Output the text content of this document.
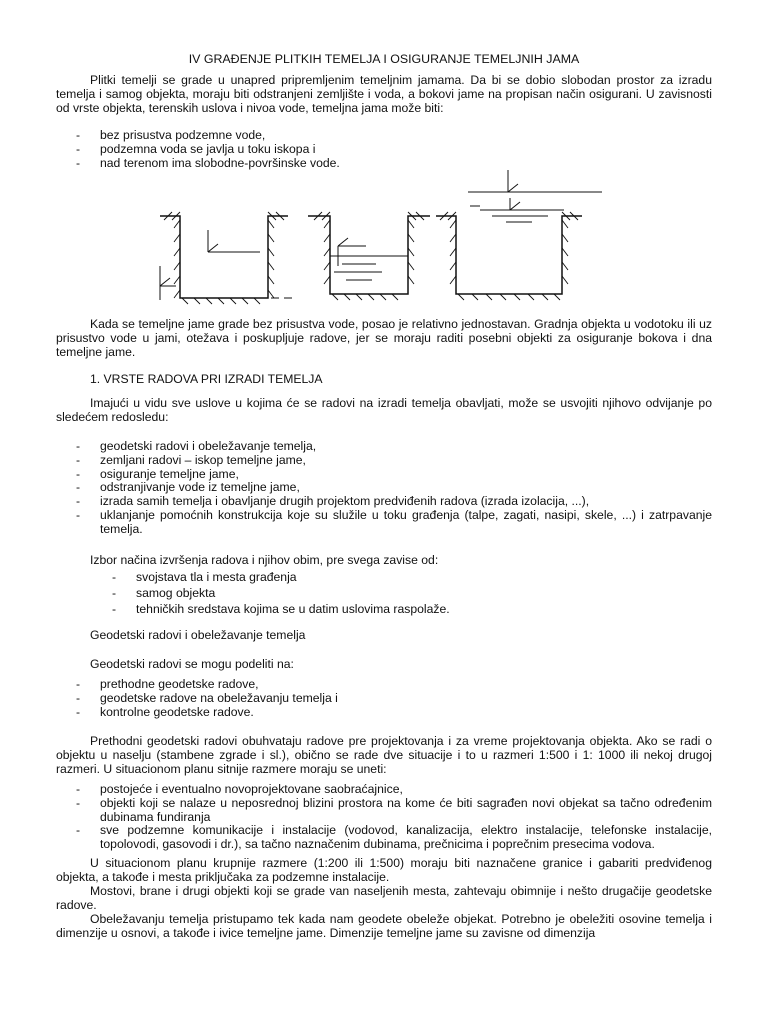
IV GRAĐENJE PLITKIH TEMELJA I OSIGURANJE TEMELJNIH JAMA
Plitki temelji se grade u unapred pripremljenim temeljnim jamama. Da bi se dobio slobodan prostor za izradu temelja i samog objekta, moraju biti odstranjeni zemljište i voda, a bokovi jame na propisan način osigurani. U zavisnosti od vrste objekta, terenskih uslova i nivoa vode, temeljna jama može biti:
- bez prisustva podzemne vode,
- podzemna voda se javlja u toku iskopa i
- nad terenom ima slobodne-površinske vode.
Kada se temeljne jame grade bez prisustva vode, posao je relativno jednostavan. Gradnja objekta u vodotoku ili uz prisustvo vode u jami, otežava i poskupljuje radove, jer se moraju raditi posebni objekti za osiguranje bokova i dna temeljne jame.
1. VRSTE RADOVA PRI IZRADI TEMELJA
Imajući u vidu sve uslove u kojima će se radovi na izradi temelja obavljati, može se usvojiti njihovo odvijanje po sledećem redosledu:
- geodetski radovi i obeležavanje temelja,
- zemljani radovi – iskop temeljne jame,
- osiguranje temeljne jame,
- odstranjivanje vode iz temeljne jame,
- izrada samih temelja i obavljanje drugih projektom predviđenih radova (izrada izolacija, ...),
- uklanjanje pomoćnih konstrukcija koje su služile u toku građenja (talpe, zagati, nasipi, skele, ...) i zatrpavanje temelja.
Izbor načina izvršenja radova i njihov obim, pre svega zavise od:
- svojstava tla i mesta građenja
- samog objekta
- tehničkih sredstava kojima se u datim uslovima raspolaže.
Geodetski radovi i obeležavanje temelja
Geodetski radovi se mogu podeliti na:
- prethodne geodetske radove,
- geodetske radove na obeležavanju temelja i
- kontrolne geodetske radove.
Prethodni geodetski radovi obuhvataju radove pre projektovanja i za vreme projektovanja objekta. Ako se radi o objektu u naselju (stambene zgrade i sl.), obično se rade dve situacije i to u razmeri 1:500 i 1: 1000 ili nekoj drugoj razmeri. U situacionom planu sitnije razmere moraju se uneti:
- postojeće i eventualno novoprojektovane saobraćajnice,
- objekti koji se nalaze u neposrednoj blizini prostora na kome će biti sagrađen novi objekat sa tačno određenim dubinama fundiranja
- sve podzemne komunikacije i instalacije (vodovod, kanalizacija, elektro instalacije, telefonske instalacije, topolovodi, gasovodi i dr.), sa tačno naznačenim dubinama, prečnicima i poprečnim presecima vodova.
U situacionom planu krupnije razmere (1:200 ili 1:500) moraju biti naznačene granice i gabariti predviđenog objekta, a takođe i mesta priključaka za podzemne instalacije.
Mostovi, brane i drugi objekti koji se grade van naseljenih mesta, zahtevaju obimnije i nešto drugačije geodetske radove.
Obeležavanju temelja pristupamo tek kada nam geodete obeleže objekat. Potrebno je obeležiti osovine temelja i dimenzije u osnovi, a takođe i ivice temeljne jame. Dimenzije temeljne jame su zavisne od dimenzija
